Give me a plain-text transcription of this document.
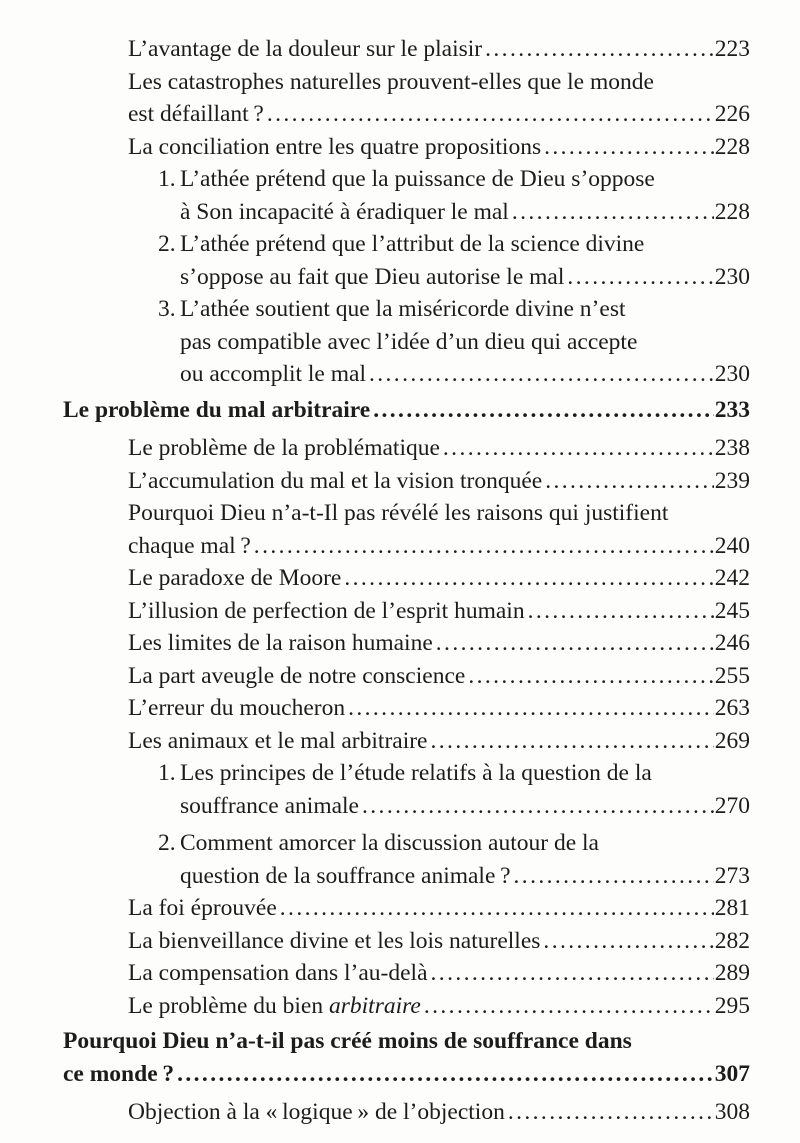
L’avantage de la douleur sur le plaisir .....	223
Les catastrophes naturelles prouvent-elles que le monde
est défaillant ? .....	226
La conciliation entre les quatre propositions .....	228
1. L’athée prétend que la puissance de Dieu s’oppose
à Son incapacité à éradiquer le mal .....	228
2. L’athée prétend que l’attribut de la science divine
s’oppose au fait que Dieu autorise le mal .....	230
3. L’athée soutient que la miséricorde divine n’est
pas compatible avec l’idée d’un dieu qui accepte
ou accomplit le mal .....	230
Le problème du mal arbitraire .....	233
Le problème de la problématique .....	238
L’accumulation du mal et la vision tronquée .....	239
Pourquoi Dieu n’a-t-Il pas révélé les raisons qui justifient
chaque mal ? .....	240
Le paradoxe de Moore .....	242
L’illusion de perfection de l’esprit humain .....	245
Les limites de la raison humaine .....	246
La part aveugle de notre conscience .....	255
L’erreur du moucheron .....	263
Les animaux et le mal arbitraire .....	269
1. Les principes de l’étude relatifs à la question de la
souffrance animale .....	270
2. Comment amorcer la discussion autour de la
question de la souffrance animale ? .....	273
La foi éprouvée .....	281
La bienveillance divine et les lois naturelles .....	282
La compensation dans l’au-delà .....	289
Le problème du bien arbitraire .....	295
Pourquoi Dieu n’a-t-il pas créé moins de souffrance dans
ce monde ? .....	307
Objection à la « logique » de l’objection .....	308
